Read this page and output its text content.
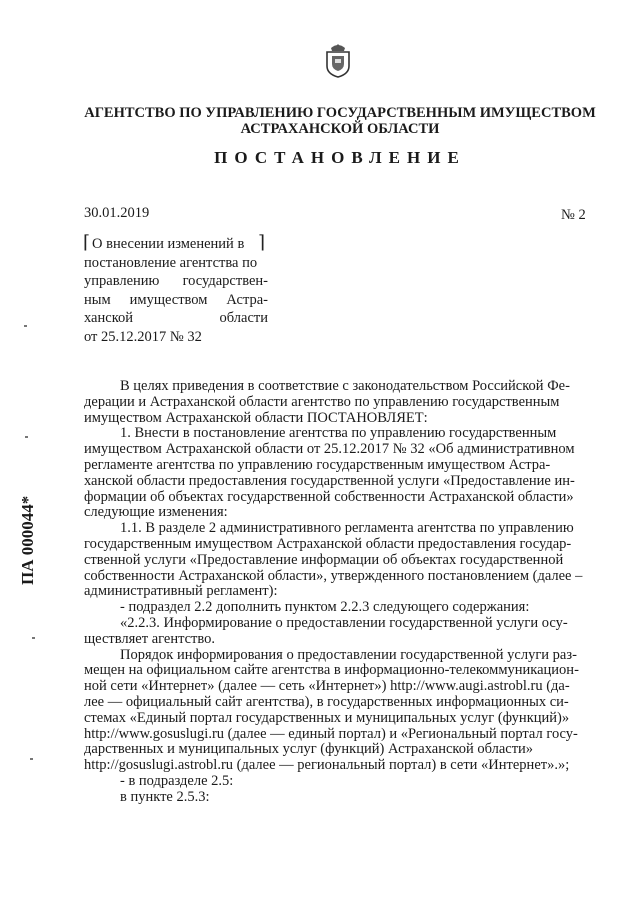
АГЕНТСТВО ПО УПРАВЛЕНИЮ ГОСУДАРСТВЕННЫМ ИМУЩЕСТВОМ
АСТРАХАНСКОЙ ОБЛАСТИ
ПОСТАНОВЛЕНИЕ
30.01.2019	№ 2
⌈	⌉
О внесении изменений в
постановление агентства по
управлению государствен-
ным имуществом Астра-
ханской	области
от 25.12.2017 № 32
ПА 000044*
В целях приведения в соответствие с законодательством Российской Фе-
дерации и Астраханской области агентство по управлению государственным
имуществом Астраханской области ПОСТАНОВЛЯЕТ:
1. Внести в постановление агентства по управлению государственным
имуществом Астраханской области от 25.12.2017 № 32 «Об административном
регламенте агентства по управлению государственным имуществом Астра-
ханской области предоставления государственной услуги «Предоставление ин-
формации об объектах государственной собственности Астраханской области»
следующие изменения:
1.1. В разделе 2 административного регламента агентства по управлению
государственным имуществом Астраханской области предоставления государ-
ственной услуги «Предоставление информации об объектах государственной
собственности Астраханской области», утвержденного постановлением (далее –
административный регламент):
- подраздел 2.2 дополнить пунктом 2.2.3 следующего содержания:
«2.2.3. Информирование о предоставлении государственной услуги осу-
ществляет агентство.
Порядок информирования о предоставлении государственной услуги раз-
мещен на официальном сайте агентства в информационно-телекоммуникацион-
ной сети «Интернет» (далее — сеть «Интернет») http://www.augi.astrobl.ru (да-
лее — официальный сайт агентства), в государственных информационных си-
стемах «Единый портал государственных и муниципальных услуг (функций)»
http://www.gosuslugi.ru (далее — единый портал) и «Региональный портал госу-
дарственных и муниципальных услуг (функций) Астраханской области»
http://gosuslugi.astrobl.ru (далее — региональный портал) в сети «Интернет».»;
- в подразделе 2.5:
в пункте 2.5.3:
